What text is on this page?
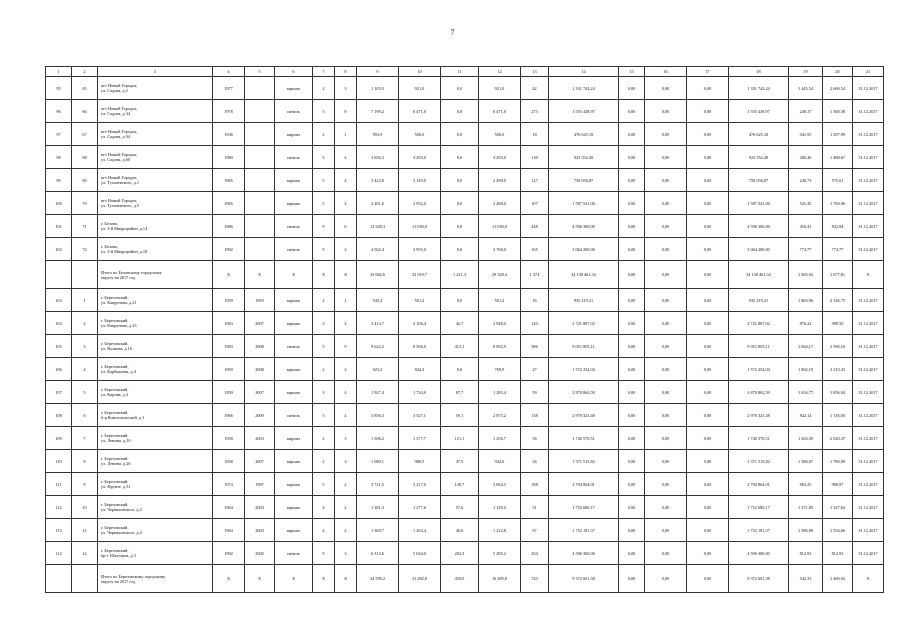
7
1	2	3	4	5	6	7	8	9	10	11	12	13	14	15	16	17	18	19	20	21
95	65	пгт Новый Городок,
ул. Садова, д.2	1977		кирпич	2	3	1 105,5	921,0	0,0	921,0	42	1 331 742,24	0,00	0,00	0,00	1 331 742,24	1 445,54	2 669,54	31.12.2017
96	66	пгт Новый Городок,
ул. Садова, д.34	1978		панель	5	8	7 199,2	6 471,0	0,0	6 471,0	273	1 555 438,97	0,00	0,00	0,00	1 555 438,97	240,37	1 368,38	31.12.2017
97	67	пгт Новый Городок,
ул. Садова, д.94	1936		кирпич	2	1	593,9	506,0	0,0	506,0	18	476 625,18	0,00	0,00	0,00	476 625,18	941,95	1 297,99	31.12.2017
98	68	пгт Новый Городок,
ул. Садова, д.60	1980		панель	5	4	3 656,3	3 293,0	0,0	3 293,0	130	923 552,49	0,00	0,00	0,00	923 552,49	280,46	1 488,67	31.12.2017
99	69	пгт Новый Городок,
ул. Тухачевского, д.1	1965		кирпич	5	4	3 423,8	3 149,0	0,0	2 499,0	127	758 056,87	0,00	0,00	0,00	758 056,87	240,73	575,61	31.12.2017
100	70	пгт Новый Городок,
ул. Тухачевского, д.5	1965		кирпич	5	4	3 201,6	2 932,0	0,0	2 488,0	107	1 587 541,00	0,00	0,00	0,00	1 587 541,00	541,45	1 769,96	31.12.2017
101	71	г. Белово,
ул. 3-й Микрорайон, д.14	1986		панель	9	6	12 549,3	11 038,0	0,0	11 038,0	448	4 596 300,00	0,00	0,00	0,00	4 596 300,00	416,41	832,84	31.12.2017
102	72	г. Белово,
ул. 3-й Микрорайон, д.18	1992		панель	9	2	4 562,4	3 955,0	0,0	3 768,0	165	3 064 200,00	0,00	0,00	0,00	3 064 200,00	774,77	774,77	31.12.2017

		Итого по Беловскому городскому
округу на 2017 год	X	X	X	X	X	35 682,6	32 019,7	1 221,3	29 328,4	1 374	34 130 461,32	0,00	0,00	0,00	34 130 461,32	1 065,92	1 677,81	X
103	1	г. Березовский,
ул. Капрунова, д.21	1959	1993	кирпич	2	1	545,4	501,2	0,0	501,2	16	935 219,21	0,00	0,00	0,00	935 219,21	1 865,96	2 326,75	31.12.2017
104	2	г. Березовский,
ул. Капрунова, д.23	1963	2007	кирпич	3	4	3 414,7	3 106,4	42,7	2 948,5	143	2 721 887,02	0,00	0,00	0,00	2 721 887,02	876,22	998,50	31.12.2017
105	3	г. Березовский,
ул. Волкова, д.16	1983	2008	панель	5	9	9 622,2	8 506,0	413,1	8 092,9	386	9 051 805,11	0,00	0,00	0,00	9 051 805,11	1 064,17	2 590,16	31.12.2017
106	4	г. Березовский,
ул. Карбышева, д.4	1959	2008	кирпич	2	2	923,2	844,3	0,0	769,9	27	1 572 254,04	0,00	0,00	0,00	1 572 254,04	1 862,19	2 210,33	31.12.2017
107	5	г. Березовский,
ул. Кирова, д.3	1959	2007	кирпич	3	4	1 927,4	1 734,9	87,7	1 285,4	59	2 870 862,59	0,00	0,00	0,00	2 870 862,59	1 654,77	1 856,04	31.12.2017
108	6	г. Березовский,
б-р Комсомольский, д.1	1966	2009	панель	5	4	3 856,3	3 527,1	59,1	2 873,2	138	2 970 321,48	0,00	0,00	0,00	2 970 321,48	842,14	1 118,00	31.12.2017
109	7	г. Березовский,
ул. Ленина, д.10	1958	2003	кирпич	2	3	1 506,2	1 377,7	121,1	1 256,7	56	1 740 570,51	0,00	0,00	0,00	1 740 570,51	1 263,39	2 020,37	31.12.2017
110	8	г. Березовский,
ул. Ленина, д.26	1958	2007	кирпич	2	3	1 080,1	989,5	47,5	942,0	34	1 371 515,82	0,00	0,00	0,00	1 371 515,82	1 386,07	1 780,09	31.12.2017
111	9	г. Березовский,
ул. Фрунзе, д.31	1974	1997	кирпич	5	2	3 721,5	3 217,6	149,7	3 064,3	188	2 794 864,01	0,00	0,00	0,00	2 794 864,01	863,25	990,97	31.12.2017
112	10	г. Березовский,
ул. Черняховского, д.2	1964	2003	кирпич	4	2	1 381,3	1 277,6	57,6	1 149,5	51	1 752 680,17	0,00	0,00	0,00	1 752 680,17	1 371,85	1 527,64	31.12.2017
113	11	г. Березовский,
ул. Черняховского, д.4	1964	2003	кирпич	4	2	1 369,7	1 263,4	40,6	1 222,8	67	1 752 181,37	0,00	0,00	0,00	1 752 181,37	1 386,88	1 554,66	31.12.2017
114	12	г. Березовский,
пр-т Шахтеров, д.3	1992	2005	панель	9	3	6 312,6	5 634,0	202,3	5 285,2	254	4 596 300,00	0,00	0,00	0,00	4 596 300,00	812,93	812,93	31.12.2017

		Итого по Березовскому городскому
округу на 2017 год	X	X	X	X	X	34 599,2	31 282,0	459,0	16 485,0	743	9 372 601,38	0,00	0,00	0,00	9 372 601,38	542,33	1 469,92	X
